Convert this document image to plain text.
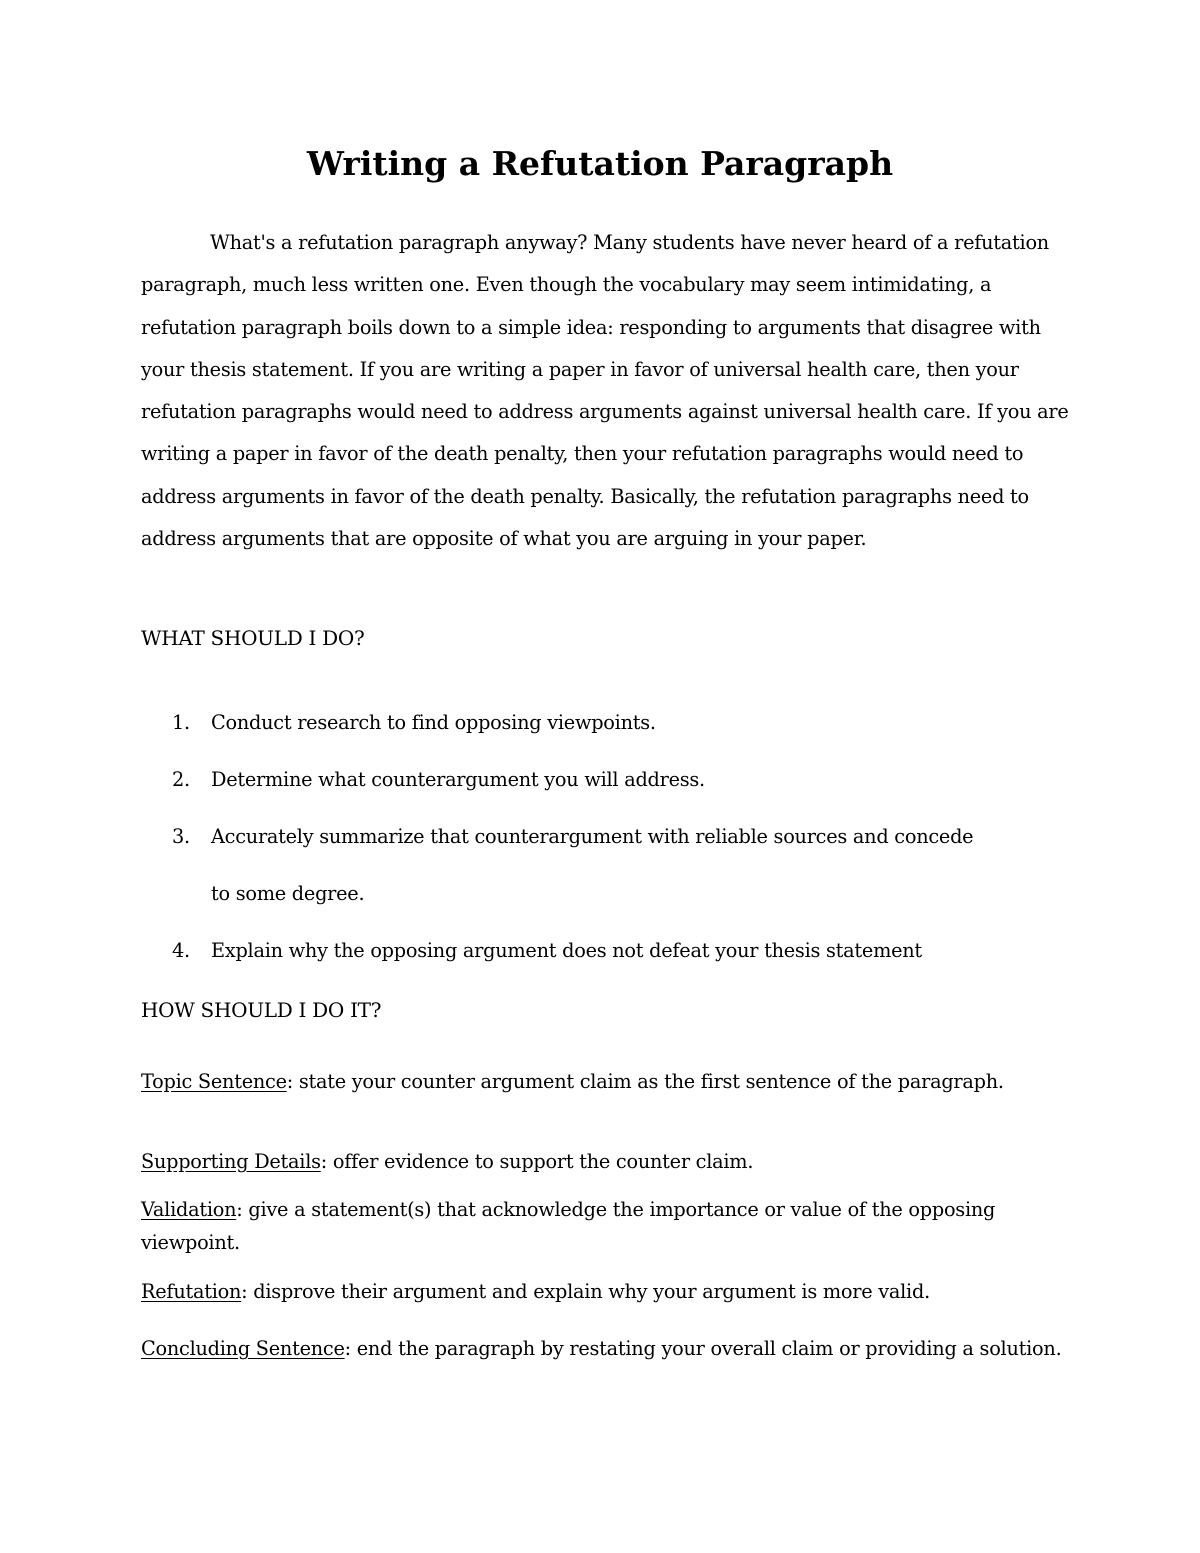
Writing a Refutation Paragraph

What's a refutation paragraph anyway? Many students have never heard of a refutation paragraph, much less written one. Even though the vocabulary may seem intimidating, a refutation paragraph boils down to a simple idea: responding to arguments that disagree with your thesis statement. If you are writing a paper in favor of universal health care, then your refutation paragraphs would need to address arguments against universal health care. If you are writing a paper in favor of the death penalty, then your refutation paragraphs would need to address arguments in favor of the death penalty. Basically, the refutation paragraphs need to address arguments that are opposite of what you are arguing in your paper.

WHAT SHOULD I DO?
1. Conduct research to find opposing viewpoints.
2. Determine what counterargument you will address.
3. Accurately summarize that counterargument with reliable sources and concede to some degree.
4. Explain why the opposing argument does not defeat your thesis statement
HOW SHOULD I DO IT?

Topic Sentence: state your counter argument claim as the first sentence of the paragraph.

Supporting Details: offer evidence to support the counter claim.

Validation: give a statement(s) that acknowledge the importance or value of the opposing viewpoint.

Refutation: disprove their argument and explain why your argument is more valid.

Concluding Sentence: end the paragraph by restating your overall claim or providing a solution.
